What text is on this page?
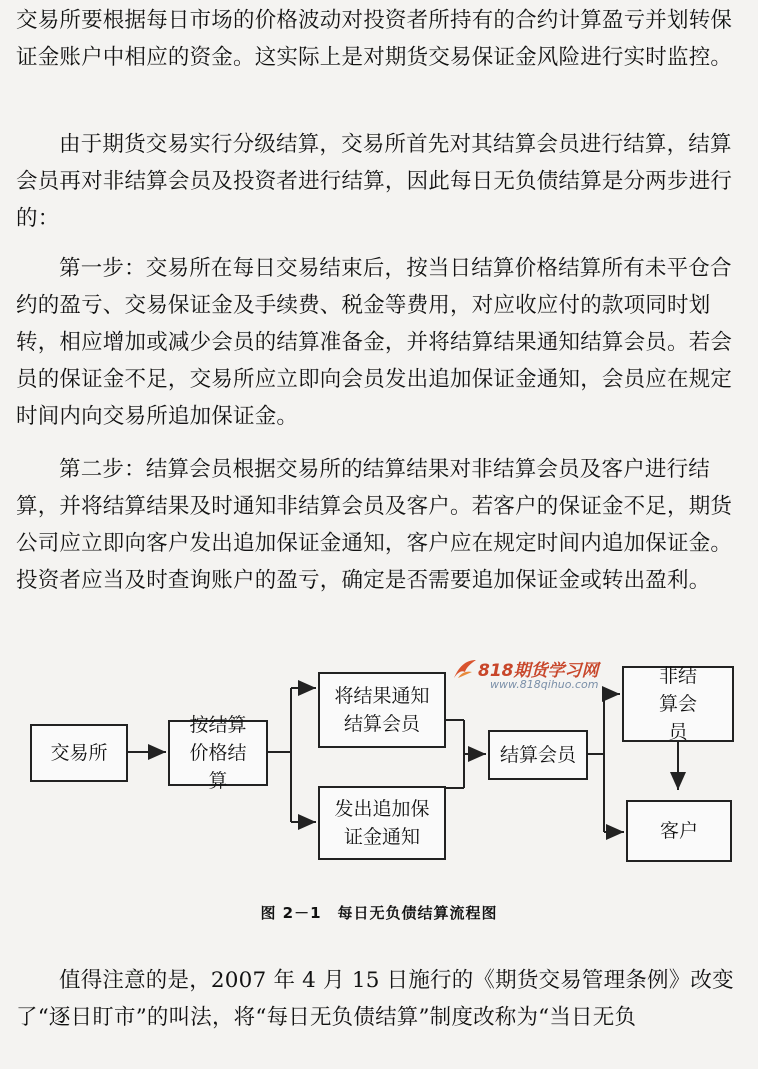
交易所要根据每日市场的价格波动对投资者所持有的合约计算盈亏并划转保证金账户中相应的资金。这实际上是对期货交易保证金风险进行实时监控。

由于期货交易实行分级结算，交易所首先对其结算会员进行结算，结算会员再对非结算会员及投资者进行结算，因此每日无负债结算是分两步进行的：

第一步：交易所在每日交易结束后，按当日结算价格结算所有未平仓合约的盈亏、交易保证金及手续费、税金等费用，对应收应付的款项同时划转，相应增加或减少会员的结算准备金，并将结算结果通知结算会员。若会员的保证金不足，交易所应立即向会员发出追加保证金通知，会员应在规定时间内向交易所追加保证金。

第二步：结算会员根据交易所的结算结果对非结算会员及客户进行结算，并将结算结果及时通知非结算会员及客户。若客户的保证金不足，期货公司应立即向客户发出追加保证金通知，客户应在规定时间内追加保证金。投资者应当及时查询账户的盈亏，确定是否需要追加保证金或转出盈利。

818期货学习网
www.818qihuo.com
交易所
按结算价格结算
将结果通知结算会员
发出追加保证金通知
结算会员
非结算会员
客户
图 2－1　每日无负债结算流程图

值得注意的是，2007 年 4 月 15 日施行的《期货交易管理条例》改变了“逐日盯市”的叫法，将“每日无负债结算”制度改称为“当日无负
